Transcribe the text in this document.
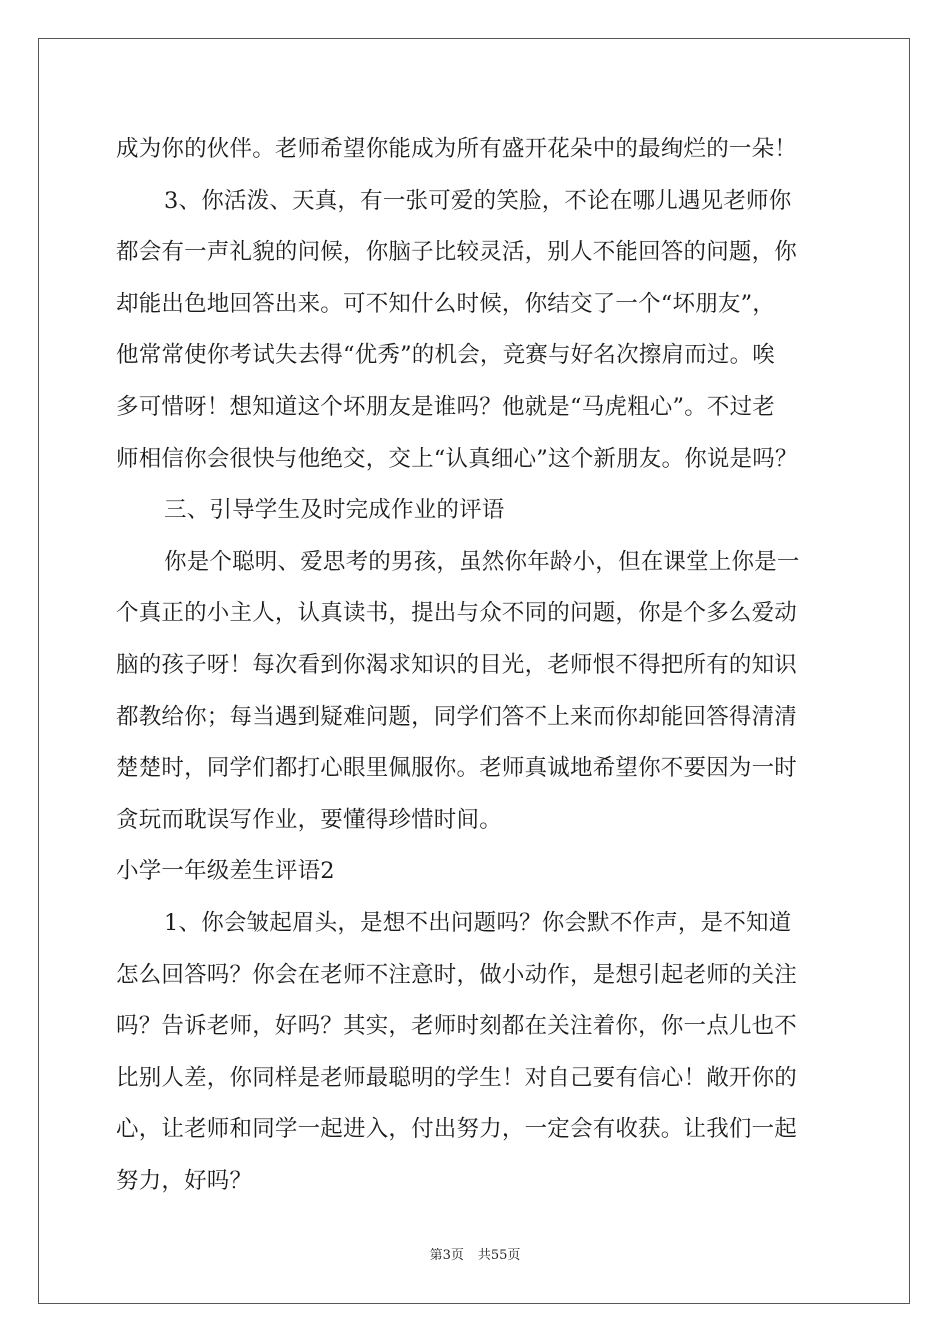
成为你的伙伴。老师希望你能成为所有盛开花朵中的最绚烂的一朵！
3、你活泼、天真，有一张可爱的笑脸，不论在哪儿遇见老师你
都会有一声礼貌的问候，你脑子比较灵活，别人不能回答的问题，你
却能出色地回答出来。可不知什么时候，你结交了一个“坏朋友”，
他常常使你考试失去得“优秀”的机会，竞赛与好名次擦肩而过。唉
多可惜呀！想知道这个坏朋友是谁吗？他就是“马虎粗心”。不过老
师相信你会很快与他绝交，交上“认真细心”这个新朋友。你说是吗？
三、引导学生及时完成作业的评语
你是个聪明、爱思考的男孩，虽然你年龄小，但在课堂上你是一
个真正的小主人，认真读书，提出与众不同的问题，你是个多么爱动
脑的孩子呀！每次看到你渴求知识的目光，老师恨不得把所有的知识
都教给你；每当遇到疑难问题，同学们答不上来而你却能回答得清清
楚楚时，同学们都打心眼里佩服你。老师真诚地希望你不要因为一时
贪玩而耽误写作业，要懂得珍惜时间。
小学一年级差生评语2
1、你会皱起眉头，是想不出问题吗？你会默不作声，是不知道
怎么回答吗？你会在老师不注意时，做小动作，是想引起老师的关注
吗？告诉老师，好吗？其实，老师时刻都在关注着你，你一点儿也不
比别人差，你同样是老师最聪明的学生！对自己要有信心！敞开你的
心，让老师和同学一起进入，付出努力，一定会有收获。让我们一起
努力，好吗？
第3页 共55页
